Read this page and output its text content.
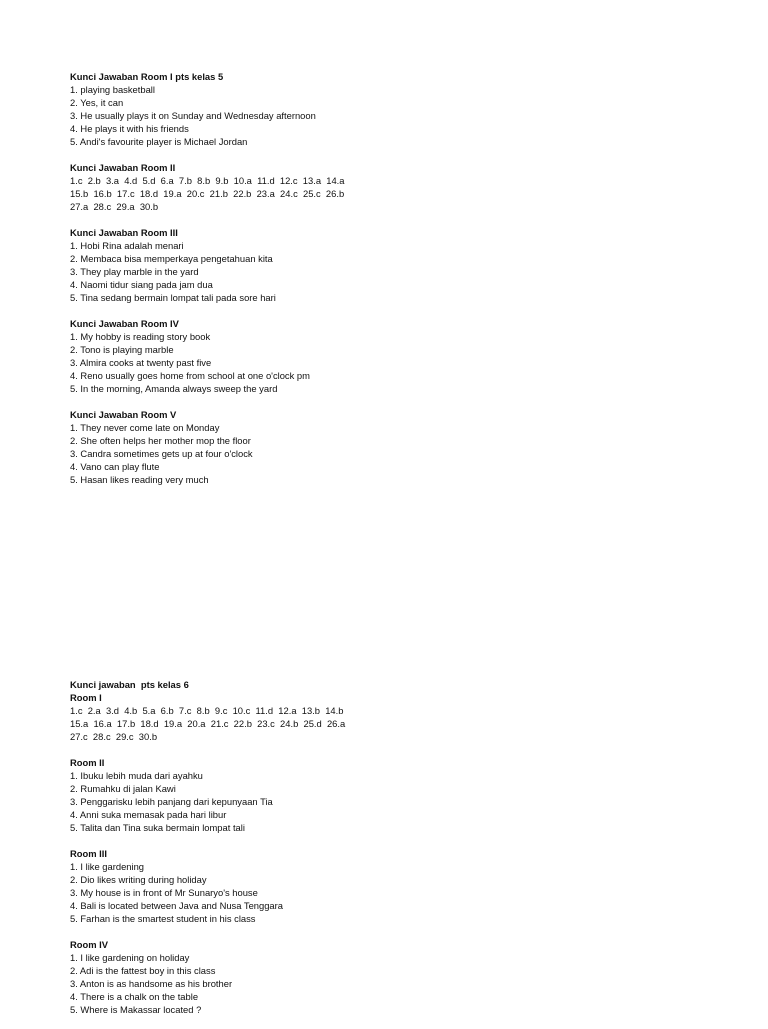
Kunci Jawaban Room I pts kelas 5
1. playing basketball
2. Yes, it can
3. He usually plays it on Sunday and Wednesday afternoon
4. He plays it with his friends
5. Andi's favourite player is Michael Jordan
Kunci Jawaban Room II
1.c  2.b  3.a  4.d  5.d  6.a  7.b  8.b  9.b  10.a  11.d  12.c  13.a  14.a
15.b  16.b  17.c  18.d  19.a  20.c  21.b  22.b  23.a  24.c  25.c  26.b
27.a  28.c  29.a  30.b
Kunci Jawaban Room III
1. Hobi Rina adalah menari
2. Membaca bisa memperkaya pengetahuan kita
3. They play marble in the yard
4. Naomi tidur siang pada jam dua
5. Tina sedang bermain lompat tali pada sore hari
Kunci Jawaban Room IV
1. My hobby is reading story book
2. Tono is playing marble
3. Almira cooks at twenty past five
4. Reno usually goes home from school at one o'clock pm
5. In the morning, Amanda always sweep the yard
Kunci Jawaban Room V
1. They never come late on Monday
2. She often helps her mother mop the floor
3. Candra sometimes gets up at four o'clock
4. Vano can play flute
5. Hasan likes reading very much
Kunci jawaban  pts kelas 6
Room I
1.c  2.a  3.d  4.b  5.a  6.b  7.c  8.b  9.c  10.c  11.d  12.a  13.b  14.b
15.a  16.a  17.b  18.d  19.a  20.a  21.c  22.b  23.c  24.b  25.d  26.a
27.c  28.c  29.c  30.b
Room II
1. Ibuku lebih muda dari ayahku
2. Rumahku di jalan Kawi
3. Penggarisku lebih panjang dari kepunyaan Tia
4. Anni suka memasak pada hari libur
5. Talita dan Tina suka bermain lompat tali
Room III
1. I like gardening
2. Dio likes writing during holiday
3. My house is in front of Mr Sunaryo's house
4. Bali is located between Java and Nusa Tenggara
5. Farhan is the smartest student in his class
Room IV
1. I like gardening on holiday
2. Adi is the fattest boy in this class
3. Anton is as handsome as his brother
4. There is a chalk on the table
5. Where is Makassar located ?
